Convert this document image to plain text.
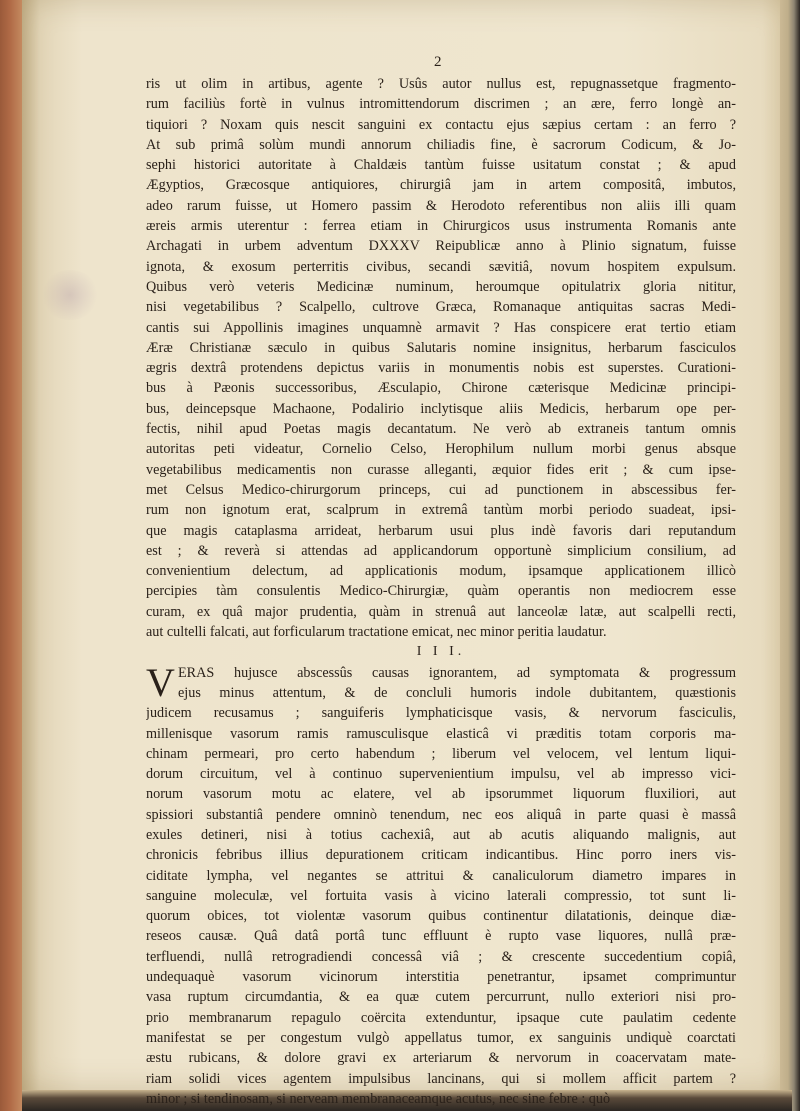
2
ris ut olim in artibus, agente ? Usûs autor nullus est, repugnassetque fragmento-
rum faciliùs fortè in vulnus intromittendorum discrimen ; an ære, ferro longè an-
tiquiori ? Noxam quis nescit sanguini ex contactu ejus sæpius certam : an ferro ?
At sub primâ solùm mundi annorum chiliadis fine, è sacrorum Codicum, & Jo-
sephi historici autoritate à Chaldæis tantùm fuisse usitatum constat ; & apud
Ægyptios, Græcosque antiquiores, chirurgiâ jam in artem compositâ, imbutos,
adeo rarum fuisse, ut Homero passim & Herodoto referentibus non aliis illi quam
æreis armis uterentur : ferrea etiam in Chirurgicos usus instrumenta Romanis ante
Archagati in urbem adventum DXXXV Reipublicæ anno à Plinio signatum, fuisse
ignota, & exosum perterritis civibus, secandi sævitiâ, novum hospitem expulsum.
Quibus verò veteris Medicinæ numinum, heroumque opitulatrix gloria nititur,
nisi vegetabilibus ? Scalpello, cultrove Græca, Romanaque antiquitas sacras Medi-
cantis sui Appollinis imagines unquamnè armavit ? Has conspicere erat tertio etiam
Æræ Christianæ sæculo in quibus Salutaris nomine insignitus, herbarum fasciculos
ægris dextrâ protendens depictus variis in monumentis nobis est superstes. Curationi-
bus à Pæonis successoribus, Æsculapio, Chirone cæterisque Medicinæ principi-
bus, deincepsque Machaone, Podalirio inclytisque aliis Medicis, herbarum ope per-
fectis, nihil apud Poetas magis decantatum. Ne verò ab extraneis tantum omnis
autoritas peti videatur, Cornelio Celso, Herophilum nullum morbi genus absque
vegetabilibus medicamentis non curasse alleganti, æquior fides erit ; & cum ipse-
met Celsus Medico-chirurgorum princeps, cui ad punctionem in abscessibus fer-
rum non ignotum erat, scalprum in extremâ tantùm morbi periodo suadeat, ipsi-
que magis cataplasma arrideat, herbarum usui plus indè favoris dari reputandum
est ; & reverà si attendas ad applicandorum opportunè simplicium consilium, ad
convenientium delectum, ad applicationis modum, ipsamque applicationem illicò
percipies tàm consulentis Medico-Chirurgiæ, quàm operantis non mediocrem esse
curam, ex quâ major prudentia, quàm in strenuâ aut lanceolæ latæ, aut scalpelli recti,
aut cultelli falcati, aut forficularum tractatione emicat, nec minor peritia laudatur.
I I I.
V ERAS hujusce abscessûs causas ignorantem, ad symptomata & progressum
ejus minus attentum, & de concluli humoris indole dubitantem, quæstionis
judicem recusamus ; sanguiferis lymphaticisque vasis, & nervorum fasciculis,
millenisque vasorum ramis ramusculisque elasticâ vi præditis totam corporis ma-
chinam permeari, pro certo habendum ; liberum vel velocem, vel lentum liqui-
dorum circuitum, vel à continuo supervenientium impulsu, vel ab impresso vici-
norum vasorum motu ac elatere, vel ab ipsorummet liquorum fluxiliori, aut
spissiori substantiâ pendere omninò tenendum, nec eos aliquâ in parte quasi è massâ
exules detineri, nisi à totius cachexiâ, aut ab acutis aliquando malignis, aut
chronicis febribus illius depurationem criticam indicantibus. Hinc porro iners vis-
ciditate lympha, vel negantes se attritui & canaliculorum diametro impares in
sanguine moleculæ, vel fortuita vasis à vicino laterali compressio, tot sunt li-
quorum obices, tot violentæ vasorum quibus continentur dilatationis, deinque diæ-
reseos causæ. Quâ datâ portâ tunc effluunt è rupto vase liquores, nullâ præ-
terfluendi, nullâ retrogradiendi concessâ viâ ; & crescente succedentium copiâ,
undequaquè vasorum vicinorum interstitia penetrantur, ipsamet comprimuntur
vasa ruptum circumdantia, & ea quæ cutem percurrunt, nullo exteriori nisi pro-
prio membranarum repagulo coërcita extenduntur, ipsaque cute paulatim cedente
manifestat se per congestum vulgò appellatus tumor, ex sanguinis undiquè coarctati
æstu rubicans, & dolore gravi ex arteriarum & nervorum in coacervatam mate-
riam solidi vices agentem impulsibus lancinans, qui si mollem afficit partem ?
minor ; si tendinosam, si nerveam membranaceamque acutus, nec sine febre : quò
